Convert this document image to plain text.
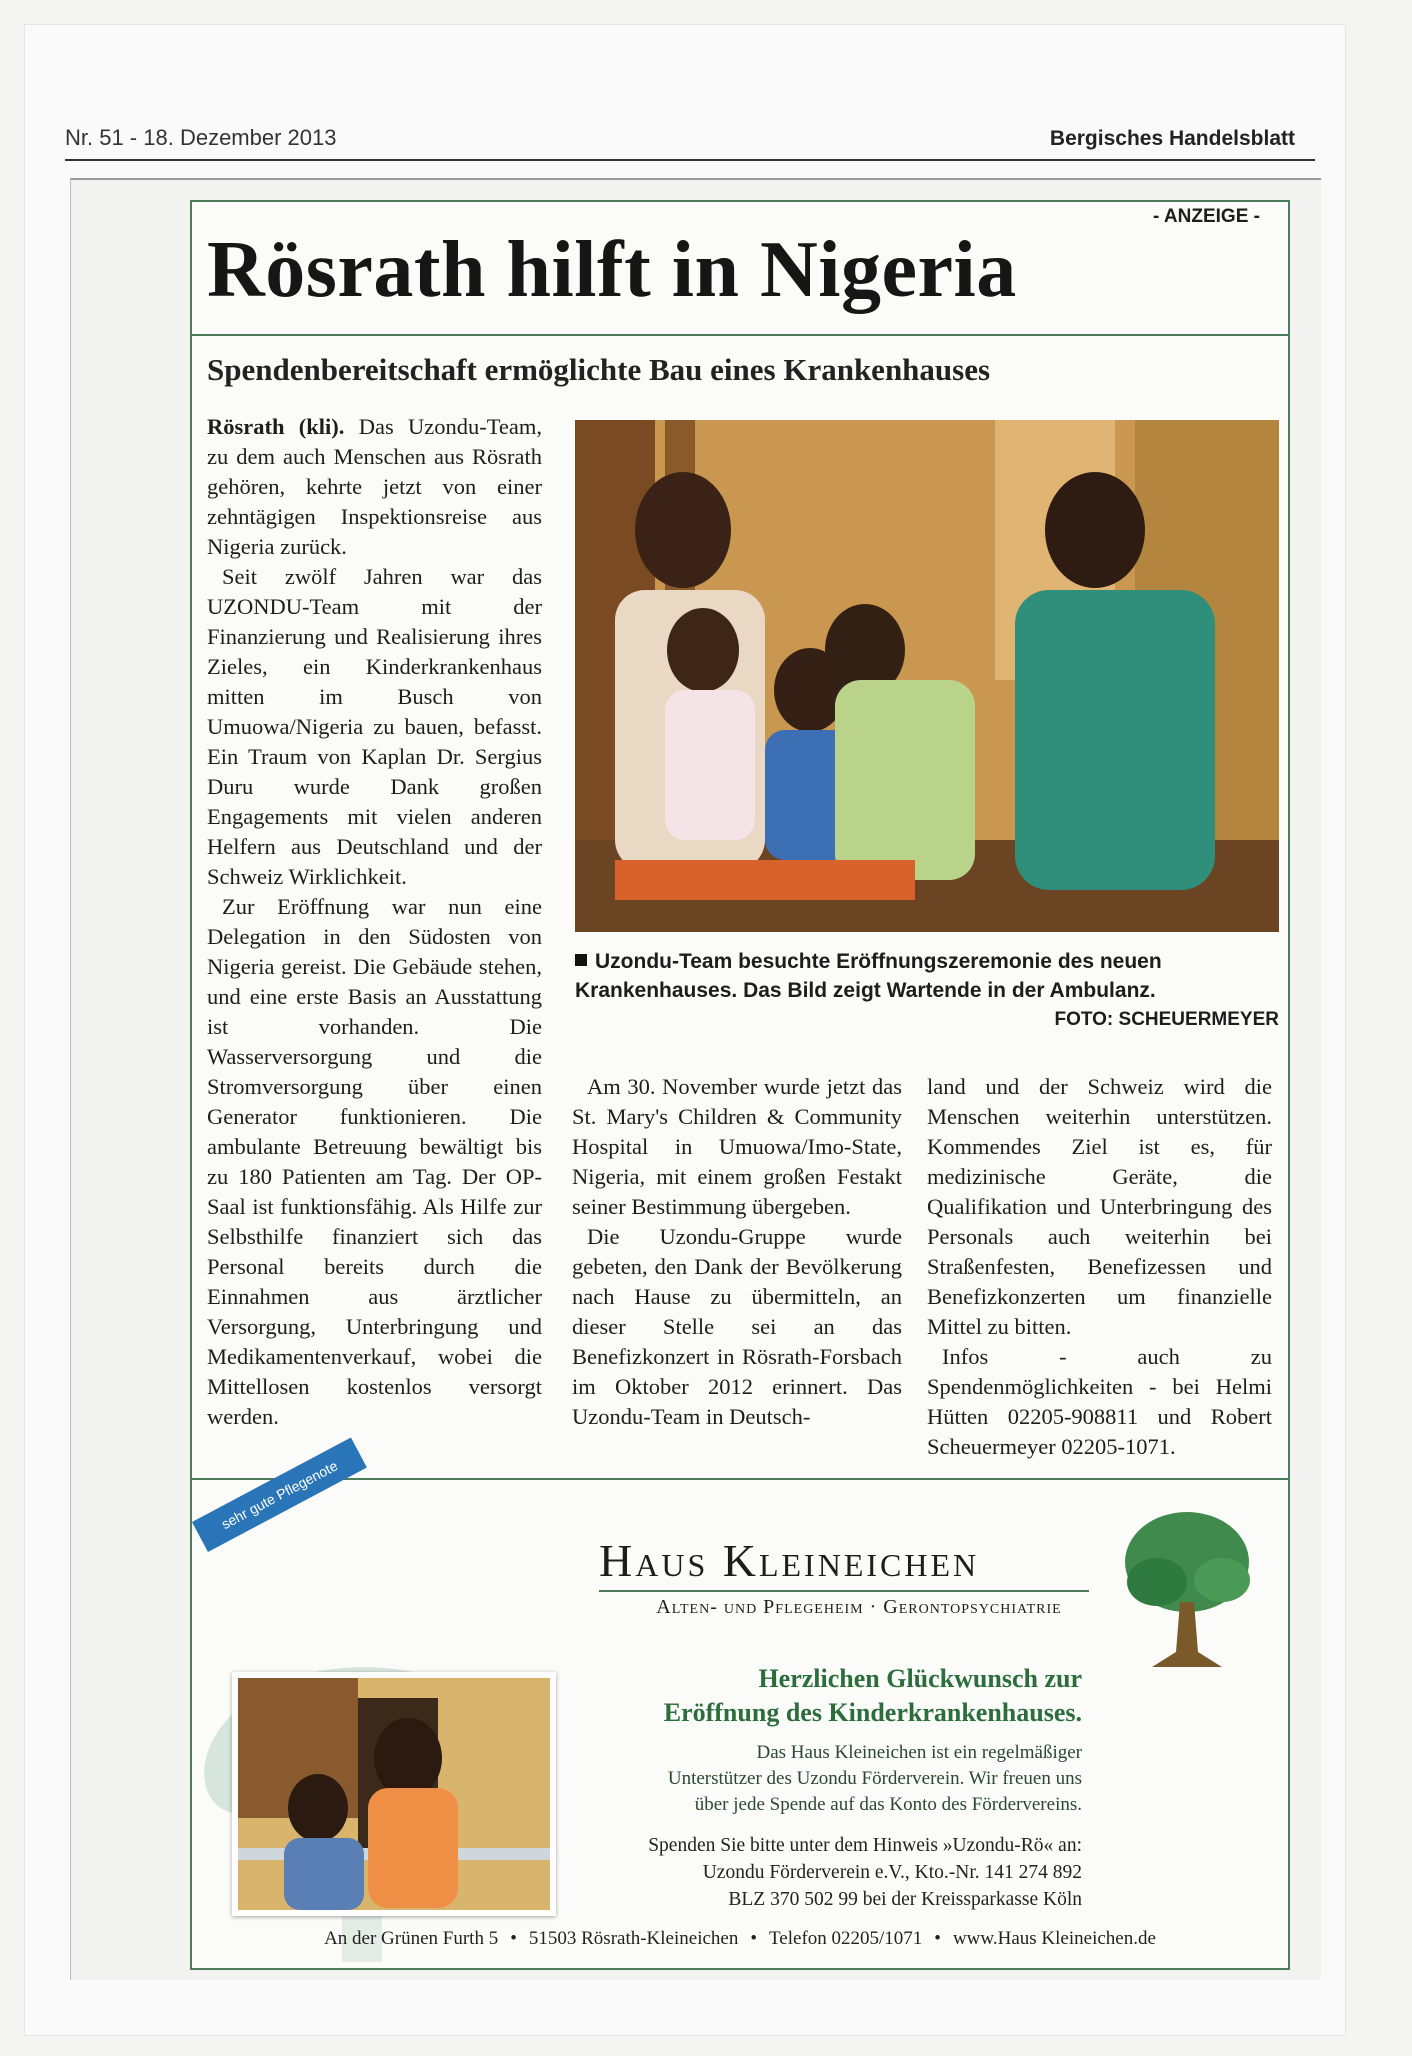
Nr. 51 - 18. Dezember 2013	Bergisches Handelsblatt
- ANZEIGE -
Rösrath hilft in Nigeria
Spendenbereitschaft ermöglichte Bau eines Krankenhauses

Rösrath (kli). Das Uzondu-Team, zu dem auch Menschen aus Rösrath gehören, kehrte jetzt von einer zehntägigen Inspektionsreise aus Nigeria zurück.

Seit zwölf Jahren war das UZONDU-Team mit der Finanzierung und Realisierung ihres Zieles, ein Kinderkrankenhaus mitten im Busch von Umuowa/Nigeria zu bauen, befasst. Ein Traum von Kaplan Dr. Sergius Duru wurde Dank großen Engagements mit vielen anderen Helfern aus Deutschland und der Schweiz Wirklichkeit.

Zur Eröffnung war nun eine Delegation in den Südosten von Nigeria gereist. Die Gebäude stehen, und eine erste Basis an Ausstattung ist vorhanden. Die Wasserversorgung und die Stromversorgung über einen Generator funktionieren. Die ambulante Betreuung bewältigt bis zu 180 Patienten am Tag. Der OP-Saal ist funktionsfähig. Als Hilfe zur Selbsthilfe finanziert sich das Personal bereits durch die Einnahmen aus ärztlicher Versorgung, Unterbringung und Medikamentenverkauf, wobei die Mittellosen kostenlos versorgt werden.

Uzondu-Team besuchte Eröffnungszeremonie des neuen Krankenhauses. Das Bild zeigt Wartende in der Ambulanz.
FOTO: SCHEUERMEYER

Am 30. November wurde jetzt das St. Mary's Children & Community Hospital in Umuowa/Imo-State, Nigeria, mit einem großen Festakt seiner Bestimmung übergeben.

Die Uzondu-Gruppe wurde gebeten, den Dank der Bevölkerung nach Hause zu übermitteln, an dieser Stelle sei an das Benefizkonzert in Rösrath-Forsbach im Oktober 2012 erinnert. Das Uzondu-Team in Deutsch-

land und der Schweiz wird die Menschen weiterhin unterstützen. Kommendes Ziel ist es, für medizinische Geräte, die Qualifikation und Unterbringung des Personals auch weiterhin bei Straßenfesten, Benefizessen und Benefizkonzerten um finanzielle Mittel zu bitten.

Infos - auch zu Spendenmöglichkeiten - bei Helmi Hütten 02205-908811 und Robert Scheuermeyer 02205-1071.

sehr gute Pflegenote
Haus Kleineichen
Alten- und Pflegeheim · Gerontopsychiatrie

Herzlichen Glückwunsch zur
Eröffnung des Kinderkrankenhauses.

Das Haus Kleineichen ist ein regelmäßiger
Unterstützer des Uzondu Förderverein. Wir freuen uns
über jede Spende auf das Konto des Fördervereins.

Spenden Sie bitte unter dem Hinweis »Uzondu-Rö« an:
Uzondu Förderverein e.V., Kto.-Nr. 141 274 892
BLZ 370 502 99 bei der Kreissparkasse Köln

An der Grünen Furth 5 • 51503 Rösrath-Kleineichen • Telefon 02205/1071 • www.Haus Kleineichen.de
